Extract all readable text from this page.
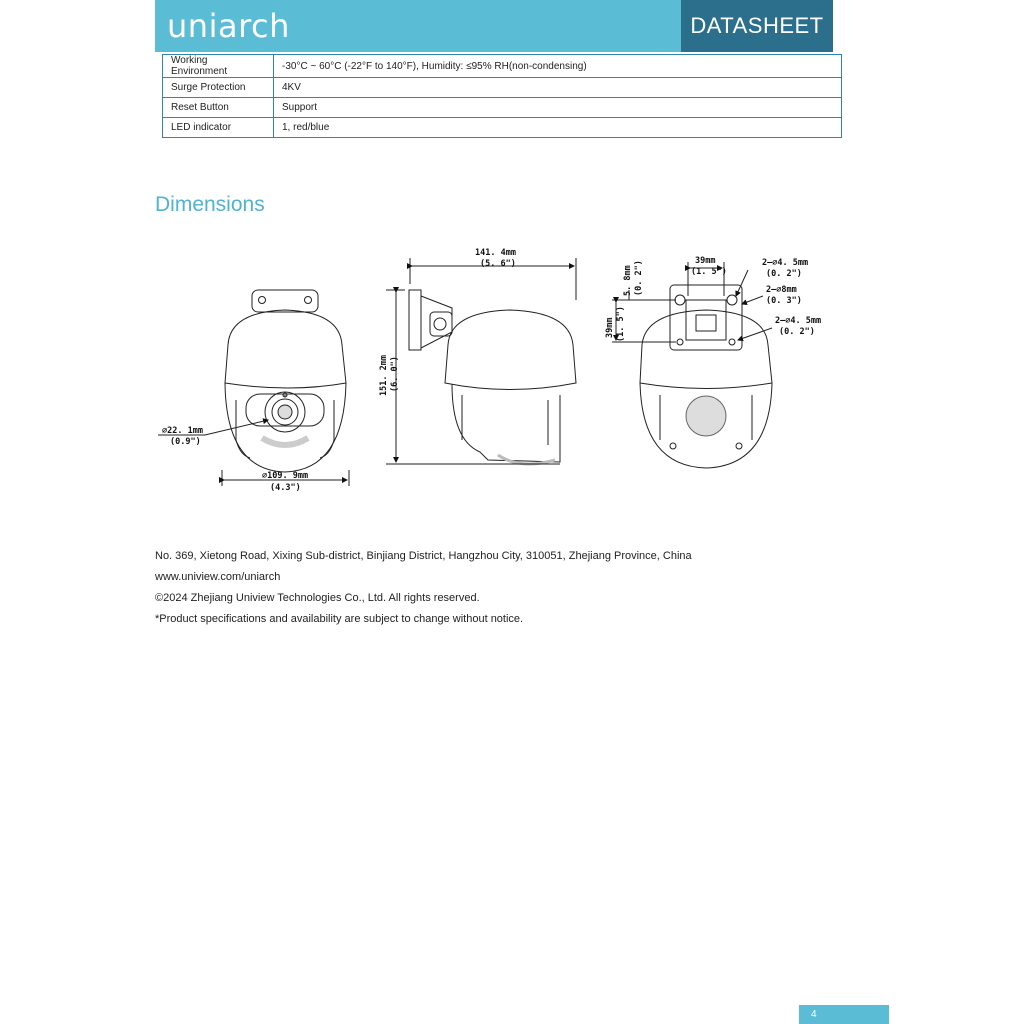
uniarch	DATASHEET
Working Environment	-30°C ~ 60°C (-22°F to 140°F), Humidity: ≤95% RH(non-condensing)
Surge Protection	4KV
Reset Button	Support
LED indicator	1, red/blue
Dimensions
∅22. 1mm
(0.9")
∅109. 9mm
(4.3")
141. 4mm
(5. 6")
151. 2mm (6. 0")
39mm
(1. 5")
39mm (1. 5")
5. 8mm (0. 2")	2–∅4. 5mm
(0. 2")
2–∅8mm
(0. 3")
2–∅4. 5mm
(0. 2")
No. 369, Xietong Road, Xixing Sub-district, Binjiang District, Hangzhou City, 310051, Zhejiang Province, China
www.uniview.com/uniarch
©2024 Zhejiang Uniview Technologies Co., Ltd. All rights reserved.
*Product specifications and availability are subject to change without notice.
4
